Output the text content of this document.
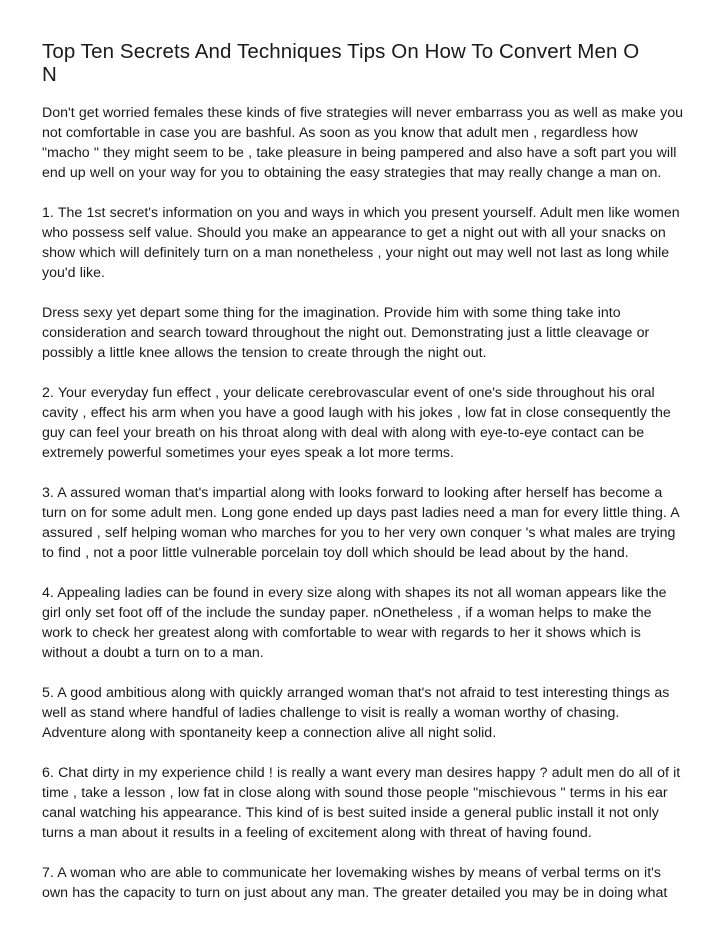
Top Ten Secrets And Techniques Tips On How To Convert Men O
N

Don't get worried females these kinds of five strategies will never embarrass you as well as make you
not comfortable in case you are bashful. As soon as you know that adult men , regardless how
"macho " they might seem to be , take pleasure in being pampered and also have a soft part you will
end up well on your way for you to obtaining the easy strategies that may really change a man on.

1. The 1st secret's information on you and ways in which you present yourself. Adult men like women
who possess self value. Should you make an appearance to get a night out with all your snacks on
show which will definitely turn on a man nonetheless , your night out may well not last as long while
you'd like.

Dress sexy yet depart some thing for the imagination. Provide him with some thing take into
consideration and search toward throughout the night out. Demonstrating just a little cleavage or
possibly a little knee allows the tension to create through the night out.

2. Your everyday fun effect , your delicate cerebrovascular event of one's side throughout his oral
cavity , effect his arm when you have a good laugh with his jokes , low fat in close consequently the
guy can feel your breath on his throat along with deal with along with eye-to-eye contact can be
extremely powerful sometimes your eyes speak a lot more terms.

3. A assured woman that's impartial along with looks forward to looking after herself has become a
turn on for some adult men. Long gone ended up days past ladies need a man for every little thing. A
assured , self helping woman who marches for you to her very own conquer 's what males are trying
to find , not a poor little vulnerable porcelain toy doll which should be lead about by the hand.

4. Appealing ladies can be found in every size along with shapes its not all woman appears like the
girl only set foot off of the include the sunday paper. nOnetheless , if a woman helps to make the
work to check her greatest along with comfortable to wear with regards to her it shows which is
without a doubt a turn on to a man.

5. A good ambitious along with quickly arranged woman that's not afraid to test interesting things as
well as stand where handful of ladies challenge to visit is really a woman worthy of chasing.
Adventure along with spontaneity keep a connection alive all night solid.

6. Chat dirty in my experience child ! is really a want every man desires happy ? adult men do all of it
time , take a lesson , low fat in close along with sound those people "mischievous " terms in his ear
canal watching his appearance. This kind of is best suited inside a general public install it not only
turns a man about it results in a feeling of excitement along with threat of having found.

7. A woman who are able to communicate her lovemaking wishes by means of verbal terms on it's
own has the capacity to turn on just about any man. The greater detailed you may be in doing what
